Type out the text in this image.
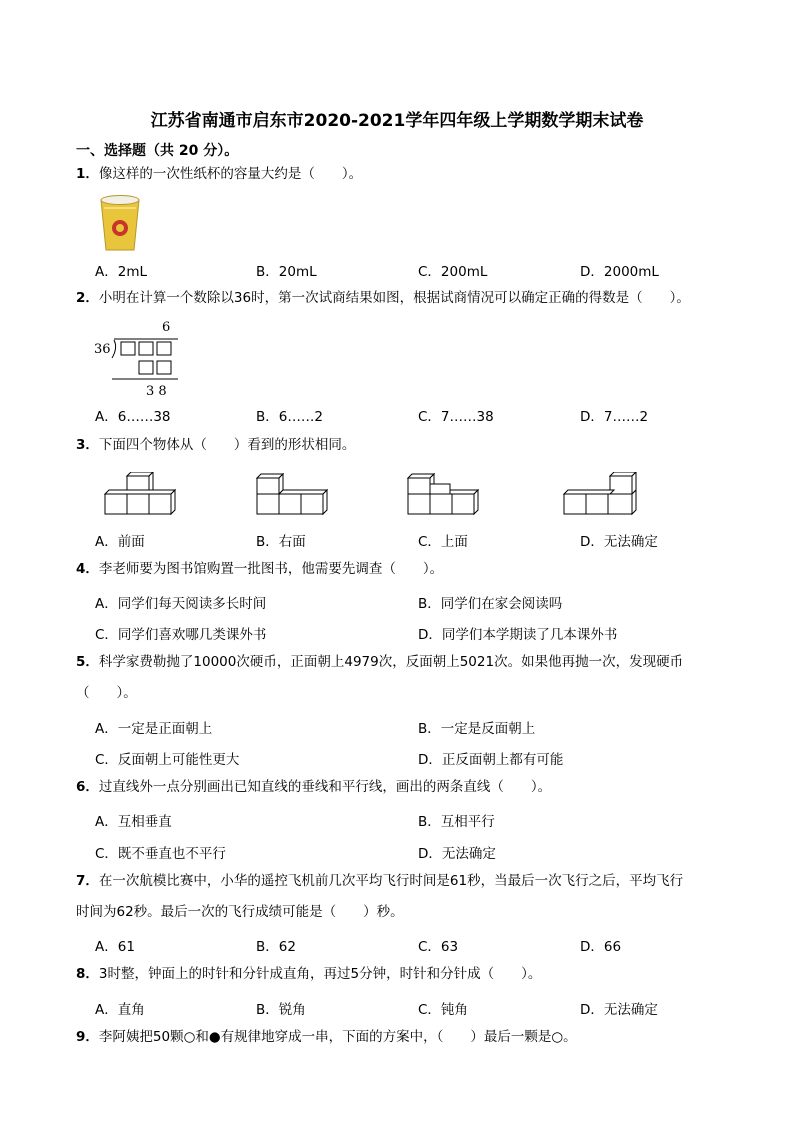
江苏省南通市启东市2020-2021学年四年级上学期数学期末试卷
一、选择题（共 20 分）。
1．像这样的一次性纸杯的容量大约是（　　）。
A．2mL	B．20mL	C．200mL	D．2000mL
2．小明在计算一个数除以36时，第一次试商结果如图，根据试商情况可以确定正确的得数是（　　）。
6
36
3 8
A．6……38	B．6……2	C．7……38	D．7……2
3．下面四个物体从（　　）看到的形状相同。
A．前面	B．右面	C．上面	D．无法确定
4．李老师要为图书馆购置一批图书，他需要先调查（　　）。
A．同学们每天阅读多长时间	B．同学们在家会阅读吗
C．同学们喜欢哪几类课外书	D．同学们本学期读了几本课外书
5．科学家费勒抛了10000次硬币，正面朝上4979次，反面朝上5021次。如果他再抛一次，发现硬币
（　　）。
A．一定是正面朝上	B．一定是反面朝上
C．反面朝上可能性更大	D．正反面朝上都有可能
6．过直线外一点分别画出已知直线的垂线和平行线，画出的两条直线（　　）。
A．互相垂直	B．互相平行
C．既不垂直也不平行	D．无法确定
7．在一次航模比赛中，小华的遥控飞机前几次平均飞行时间是61秒，当最后一次飞行之后，平均飞行
时间为62秒。最后一次的飞行成绩可能是（　　）秒。
A．61	B．62	C．63	D．66
8．3时整，钟面上的时针和分针成直角，再过5分钟，时针和分针成（　　）。
A．直角	B．锐角	C．钝角	D．无法确定
9．李阿姨把50颗○和●有规律地穿成一串，下面的方案中，（　　）最后一颗是○。
